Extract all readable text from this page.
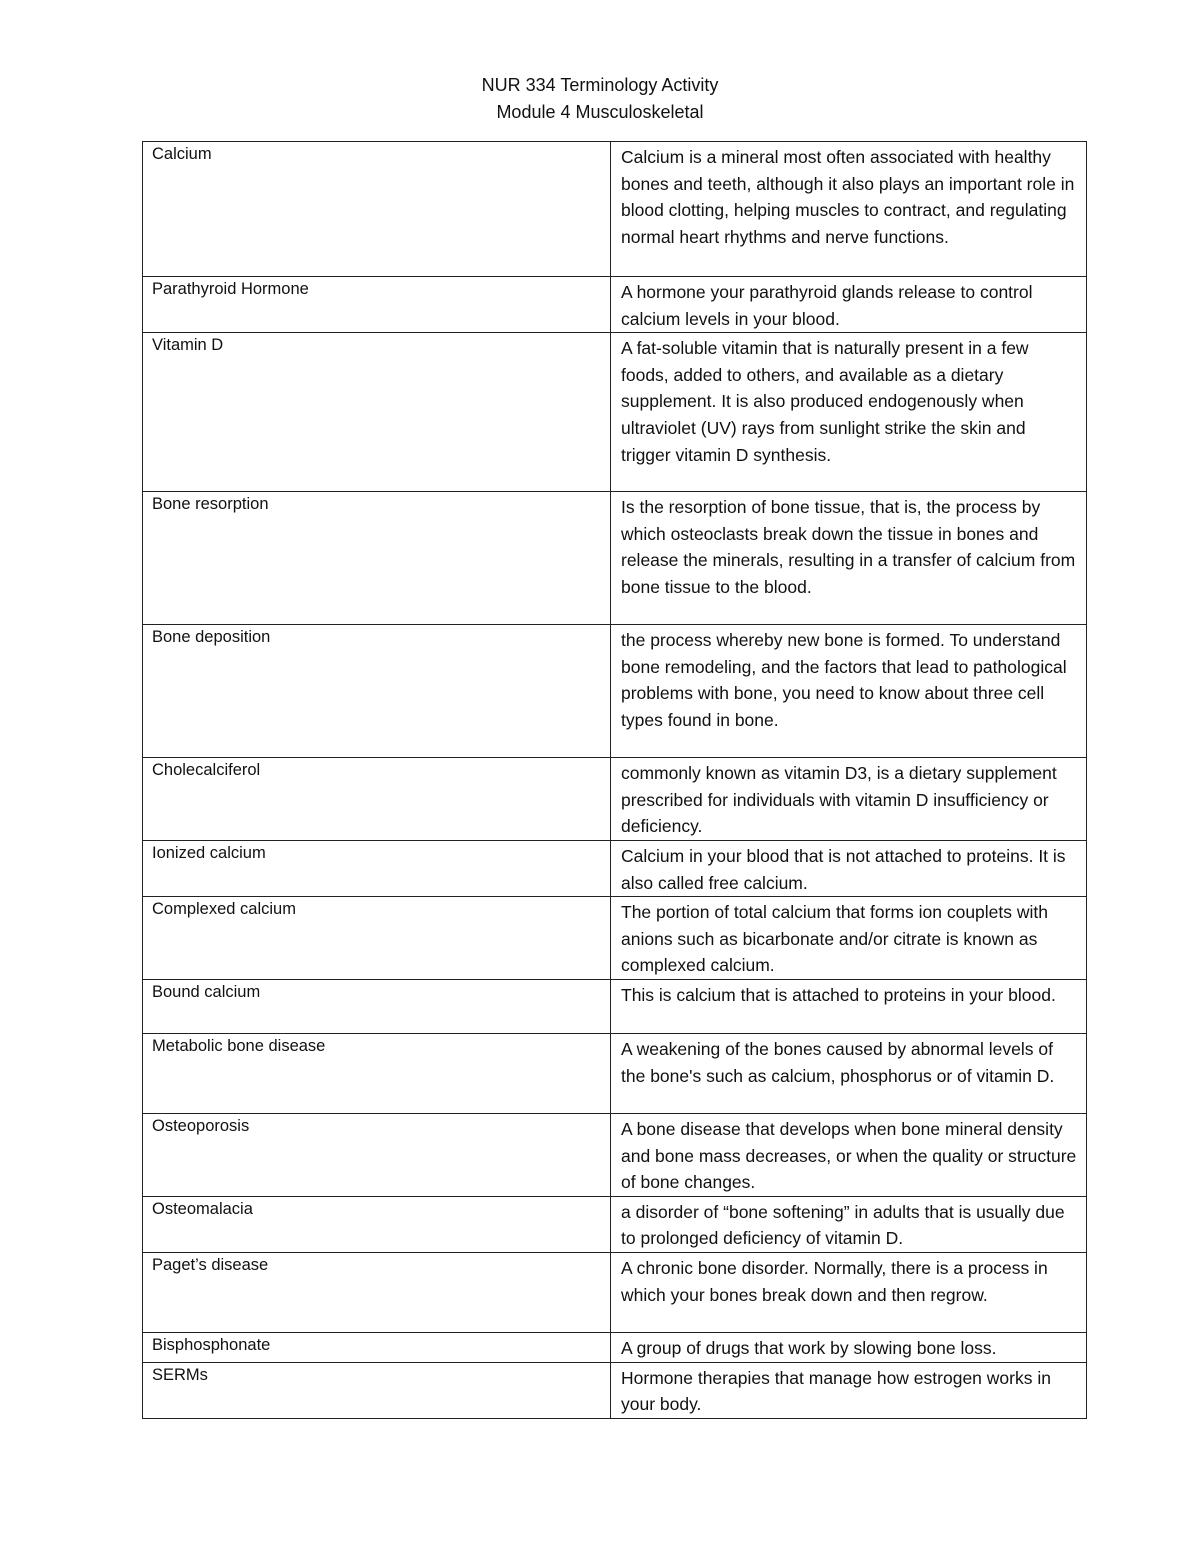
NUR 334 Terminology Activity
Module 4 Musculoskeletal
Calcium	Calcium is a mineral most often associated with healthy bones and teeth, although it also plays an important role in blood clotting, helping muscles to contract, and regulating normal heart rhythms and nerve functions.
Parathyroid Hormone	A hormone your parathyroid glands release to control calcium levels in your blood.
Vitamin D	A fat-soluble vitamin that is naturally present in a few foods, added to others, and available as a dietary supplement. It is also produced endogenously when ultraviolet (UV) rays from sunlight strike the skin and trigger vitamin D synthesis.
Bone resorption	Is the resorption of bone tissue, that is, the process by which osteoclasts break down the tissue in bones and release the minerals, resulting in a transfer of calcium from bone tissue to the blood.
Bone deposition	the process whereby new bone is formed. To understand bone remodeling, and the factors that lead to pathological problems with bone, you need to know about three cell types found in bone.
Cholecalciferol	commonly known as vitamin D3, is a dietary supplement prescribed for individuals with vitamin D insufficiency or deficiency.
Ionized calcium	Calcium in your blood that is not attached to proteins. It is also called free calcium.
Complexed calcium	The portion of total calcium that forms ion couplets with anions such as bicarbonate and/or citrate is known as complexed calcium.
Bound calcium	This is calcium that is attached to proteins in your blood.
Metabolic bone disease	A weakening of the bones caused by abnormal levels of the bone's such as calcium, phosphorus or of vitamin D.
Osteoporosis	A bone disease that develops when bone mineral density and bone mass decreases, or when the quality or structure of bone changes.
Osteomalacia	a disorder of “bone softening” in adults that is usually due to prolonged deficiency of vitamin D.
Paget’s disease	A chronic bone disorder. Normally, there is a process in which your bones break down and then regrow.
Bisphosphonate	A group of drugs that work by slowing bone loss.
SERMs	Hormone therapies that manage how estrogen works in your body.
